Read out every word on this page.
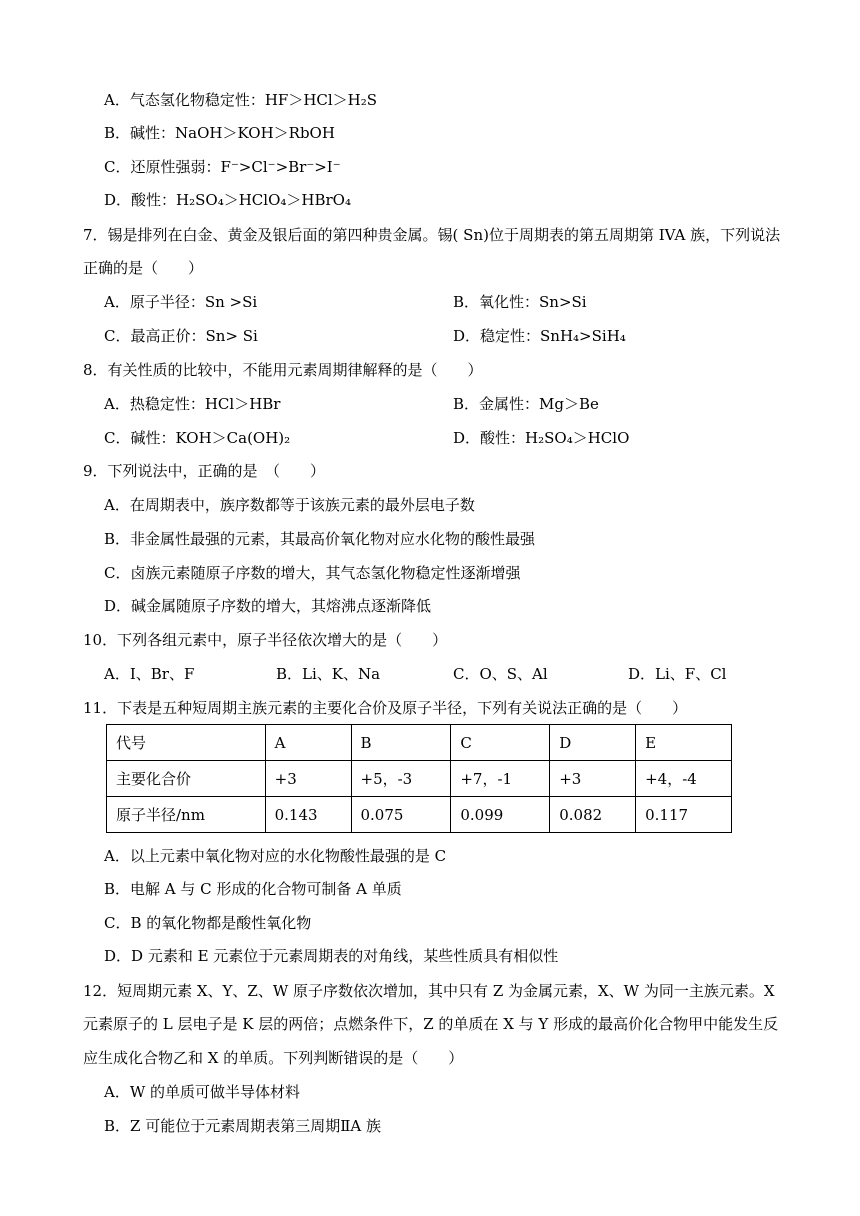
A．气态氢化物稳定性：HF＞HCl＞H₂S
B．碱性：NaOH＞KOH＞RbOH
C．还原性强弱：F⁻>Cl⁻>Br⁻>I⁻
D．酸性：H₂SO₄＞HClO₄＞HBrO₄
7．锡是排列在白金、黄金及银后面的第四种贵金属。锡( Sn)位于周期表的第五周期第 IVA 族，下列说法
正确的是（　　）
A．原子半径：Sn >Si	B．氧化性：Sn>Si
C．最高正价：Sn> Si	D．稳定性：SnH₄>SiH₄
8．有关性质的比较中，不能用元素周期律解释的是（　　）
A．热稳定性：HCl＞HBr	B．金属性：Mg＞Be
C．碱性：KOH＞Ca(OH)₂	D．酸性：H₂SO₄＞HClO
9．下列说法中，正确的是　（　　）
A．在周期表中，族序数都等于该族元素的最外层电子数
B．非金属性最强的元素，其最高价氧化物对应水化物的酸性最强
C．卤族元素随原子序数的增大，其气态氢化物稳定性逐渐增强
D．碱金属随原子序数的增大，其熔沸点逐渐降低
10．下列各组元素中，原子半径依次增大的是（　　）
A．I、Br、F	B．Li、K、Na	C．O、S、Al	D．Li、F、Cl
11．下表是五种短周期主族元素的主要化合价及原子半径，下列有关说法正确的是（　　）
代号	A	B	C	D	E
主要化合价	+3	+5，-3	+7，-1	+3	+4，-4
原子半径/nm	0.143	0.075	0.099	0.082	0.117
A．以上元素中氧化物对应的水化物酸性最强的是 C
B．电解 A 与 C 形成的化合物可制备 A 单质
C．B 的氧化物都是酸性氧化物
D．D 元素和 E 元素位于元素周期表的对角线，某些性质具有相似性
12．短周期元素 X、Y、Z、W 原子序数依次增加，其中只有 Z 为金属元素，X、W 为同一主族元素。X
元素原子的 L 层电子是 K 层的两倍；点燃条件下，Z 的单质在 X 与 Y 形成的最高价化合物甲中能发生反
应生成化合物乙和 X 的单质。下列判断错误的是（　　）
A．W 的单质可做半导体材料
B．Z 可能位于元素周期表第三周期ⅡA 族
